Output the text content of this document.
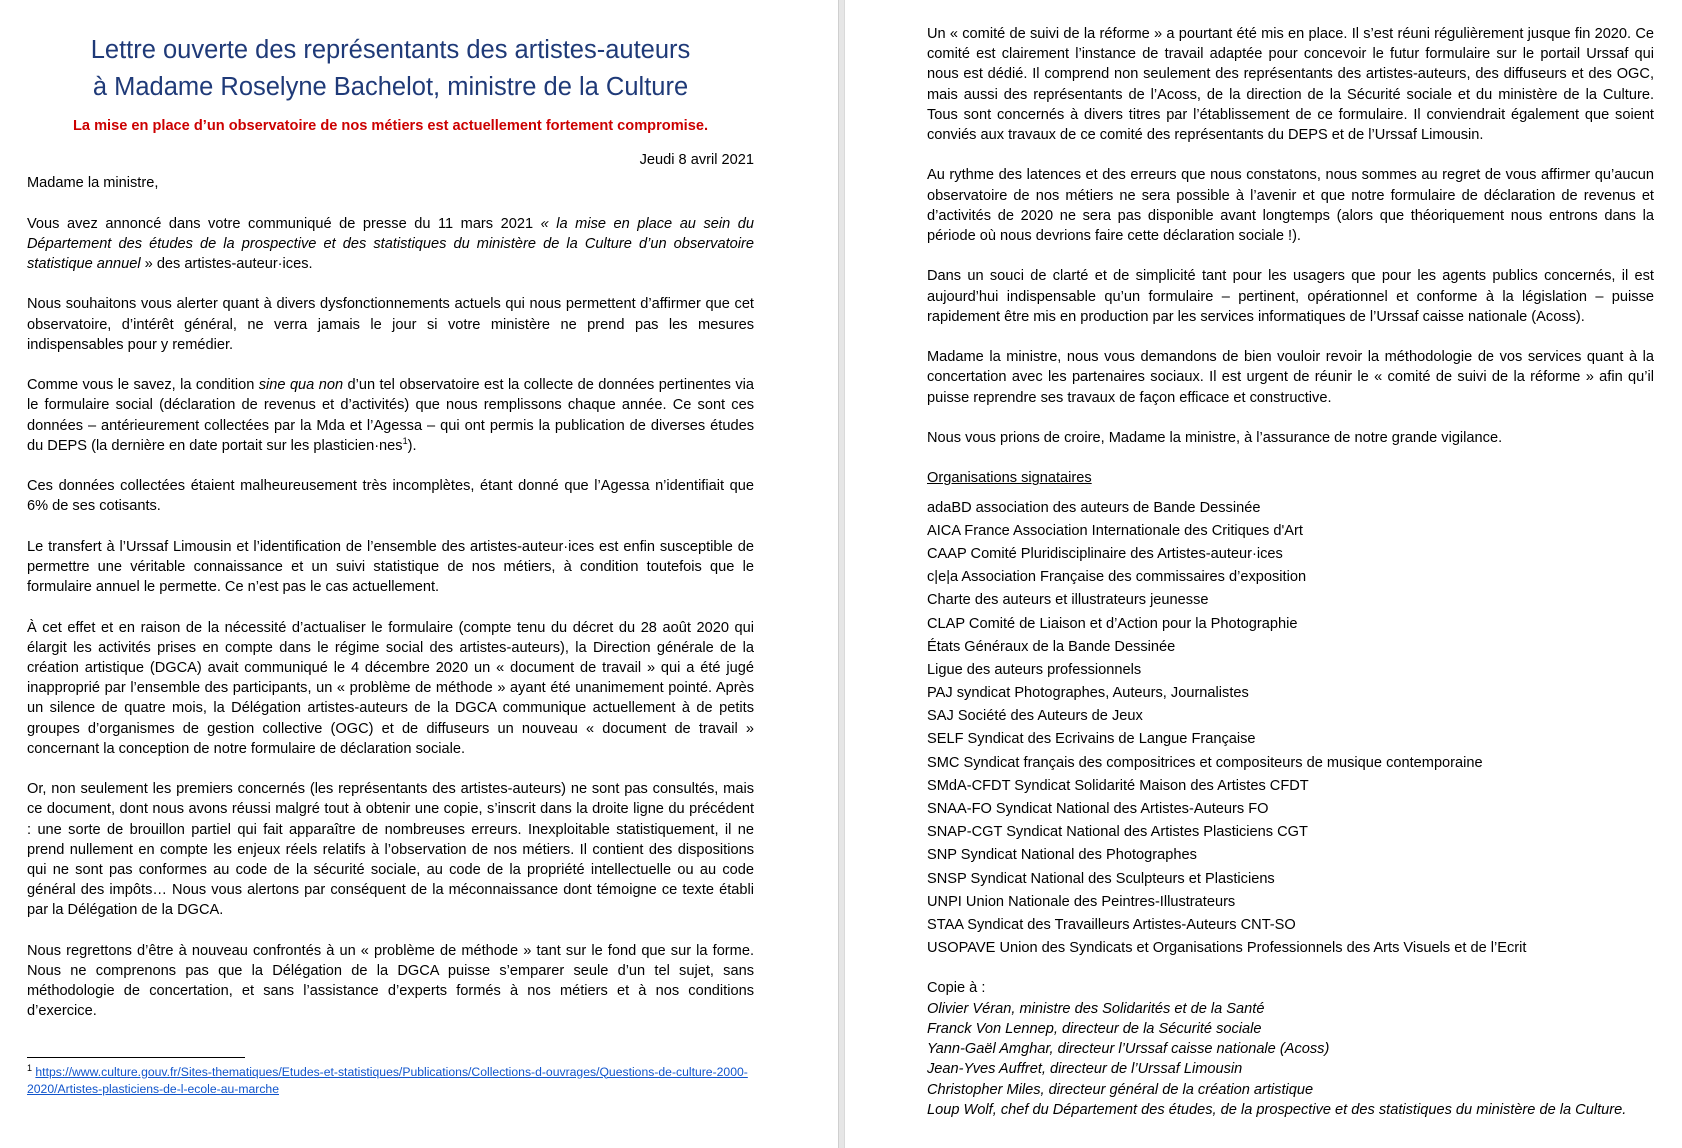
Lettre ouverte des représentants des artistes-auteurs
à Madame Roselyne Bachelot, ministre de la Culture
La mise en place d’un observatoire de nos métiers est actuellement fortement compromise.
Jeudi 8 avril 2021
Madame la ministre,

Vous avez annoncé dans votre communiqué de presse du 11 mars 2021 « la mise en place au sein du Département des études de la prospective et des statistiques du ministère de la Culture d’un observatoire statistique annuel » des artistes-auteur·ices.

Nous souhaitons vous alerter quant à divers dysfonctionnements actuels qui nous permettent d’affirmer que cet observatoire, d’intérêt général, ne verra jamais le jour si votre ministère ne prend pas les mesures indispensables pour y remédier.

Comme vous le savez, la condition sine qua non d’un tel observatoire est la collecte de données pertinentes via le formulaire social (déclaration de revenus et d’activités) que nous remplissons chaque année. Ce sont ces données – antérieurement collectées par la Mda et l’Agessa – qui ont permis la publication de diverses études du DEPS (la dernière en date portait sur les plasticien·nes$^1$).

Ces données collectées étaient malheureusement très incomplètes, étant donné que l’Agessa n’identifiait que 6% de ses cotisants.

Le transfert à l’Urssaf Limousin et l’identification de l’ensemble des artistes-auteur·ices est enfin susceptible de permettre une véritable connaissance et un suivi statistique de nos métiers, à condition toutefois que le formulaire annuel le permette. Ce n’est pas le cas actuellement.

À cet effet et en raison de la nécessité d’actualiser le formulaire (compte tenu du décret du 28 août 2020 qui élargit les activités prises en compte dans le régime social des artistes-auteurs), la Direction générale de la création artistique (DGCA) avait communiqué le 4 décembre 2020 un « document de travail » qui a été jugé inapproprié par l’ensemble des participants, un « problème de méthode » ayant été unanimement pointé. Après un silence de quatre mois, la Délégation artistes-auteurs de la DGCA communique actuellement à de petits groupes d’organismes de gestion collective (OGC) et de diffuseurs un nouveau « document de travail » concernant la conception de notre formulaire de déclaration sociale.

Or, non seulement les premiers concernés (les représentants des artistes-auteurs) ne sont pas consultés, mais ce document, dont nous avons réussi malgré tout à obtenir une copie, s’inscrit dans la droite ligne du précédent : une sorte de brouillon partiel qui fait apparaître de nombreuses erreurs. Inexploitable statistiquement, il ne prend nullement en compte les enjeux réels relatifs à l’observation de nos métiers. Il contient des dispositions qui ne sont pas conformes au code de la sécurité sociale, au code de la propriété intellectuelle ou au code général des impôts… Nous vous alertons par conséquent de la méconnaissance dont témoigne ce texte établi par la Délégation de la DGCA.

Nous regrettons d’être à nouveau confrontés à un « problème de méthode » tant sur le fond que sur la forme. Nous ne comprenons pas que la Délégation de la DGCA puisse s’emparer seule d’un tel sujet, sans méthodologie de concertation, et sans l’assistance d’experts formés à nos métiers et à nos conditions d’exercice.

$^1$ https://www.culture.gouv.fr/Sites-thematiques/Etudes-et-statistiques/Publications/Collections-d-ouvrages/Questions-de-culture-2000-2020/Artistes-plasticiens-de-l-ecole-au-marche

Un « comité de suivi de la réforme » a pourtant été mis en place. Il s’est réuni régulièrement jusque fin 2020. Ce comité est clairement l’instance de travail adaptée pour concevoir le futur formulaire sur le portail Urssaf qui nous est dédié. Il comprend non seulement des représentants des artistes-auteurs, des diffuseurs et des OGC, mais aussi des représentants de l’Acoss, de la direction de la Sécurité sociale et du ministère de la Culture. Tous sont concernés à divers titres par l’établissement de ce formulaire. Il conviendrait également que soient conviés aux travaux de ce comité des représentants du DEPS et de l’Urssaf Limousin.

Au rythme des latences et des erreurs que nous constatons, nous sommes au regret de vous affirmer qu’aucun observatoire de nos métiers ne sera possible à l’avenir et que notre formulaire de déclaration de revenus et d’activités de 2020 ne sera pas disponible avant longtemps (alors que théoriquement nous entrons dans la période où nous devrions faire cette déclaration sociale !).

Dans un souci de clarté et de simplicité tant pour les usagers que pour les agents publics concernés, il est aujourd’hui indispensable qu’un formulaire – pertinent, opérationnel et conforme à la législation – puisse rapidement être mis en production par les services informatiques de l’Urssaf caisse nationale (Acoss).

Madame la ministre, nous vous demandons de bien vouloir revoir la méthodologie de vos services quant à la concertation avec les partenaires sociaux. Il est urgent de réunir le « comité de suivi de la réforme » afin qu’il puisse reprendre ses travaux de façon efficace et constructive.

Nous vous prions de croire, Madame la ministre, à l’assurance de notre grande vigilance.

Organisations signataires
adaBD association des auteurs de Bande Dessinée
AICA France Association Internationale des Critiques d'Art
CAAP Comité Pluridisciplinaire des Artistes-auteur·ices
c|e|a Association Française des commissaires d’exposition
Charte des auteurs et illustrateurs jeunesse
CLAP Comité de Liaison et d’Action pour la Photographie
États Généraux de la Bande Dessinée
Ligue des auteurs professionnels
PAJ syndicat Photographes, Auteurs, Journalistes
SAJ Société des Auteurs de Jeux
SELF Syndicat des Ecrivains de Langue Française
SMC Syndicat français des compositrices et compositeurs de musique contemporaine
SMdA-CFDT Syndicat Solidarité Maison des Artistes CFDT
SNAA-FO Syndicat National des Artistes-Auteurs FO
SNAP-CGT Syndicat National des Artistes Plasticiens CGT
SNP Syndicat National des Photographes
SNSP Syndicat National des Sculpteurs et Plasticiens
UNPI Union Nationale des Peintres-Illustrateurs
STAA Syndicat des Travailleurs Artistes-Auteurs CNT-SO
USOPAVE Union des Syndicats et Organisations Professionnels des Arts Visuels et de l’Ecrit
Copie à :
Olivier Véran, ministre des Solidarités et de la Santé
Franck Von Lennep, directeur de la Sécurité sociale
Yann-Gaël Amghar, directeur l’Urssaf caisse nationale (Acoss)
Jean-Yves Auffret, directeur de l’Urssaf Limousin
Christopher Miles, directeur général de la création artistique
Loup Wolf, chef du Département des études, de la prospective et des statistiques du ministère de la Culture.
